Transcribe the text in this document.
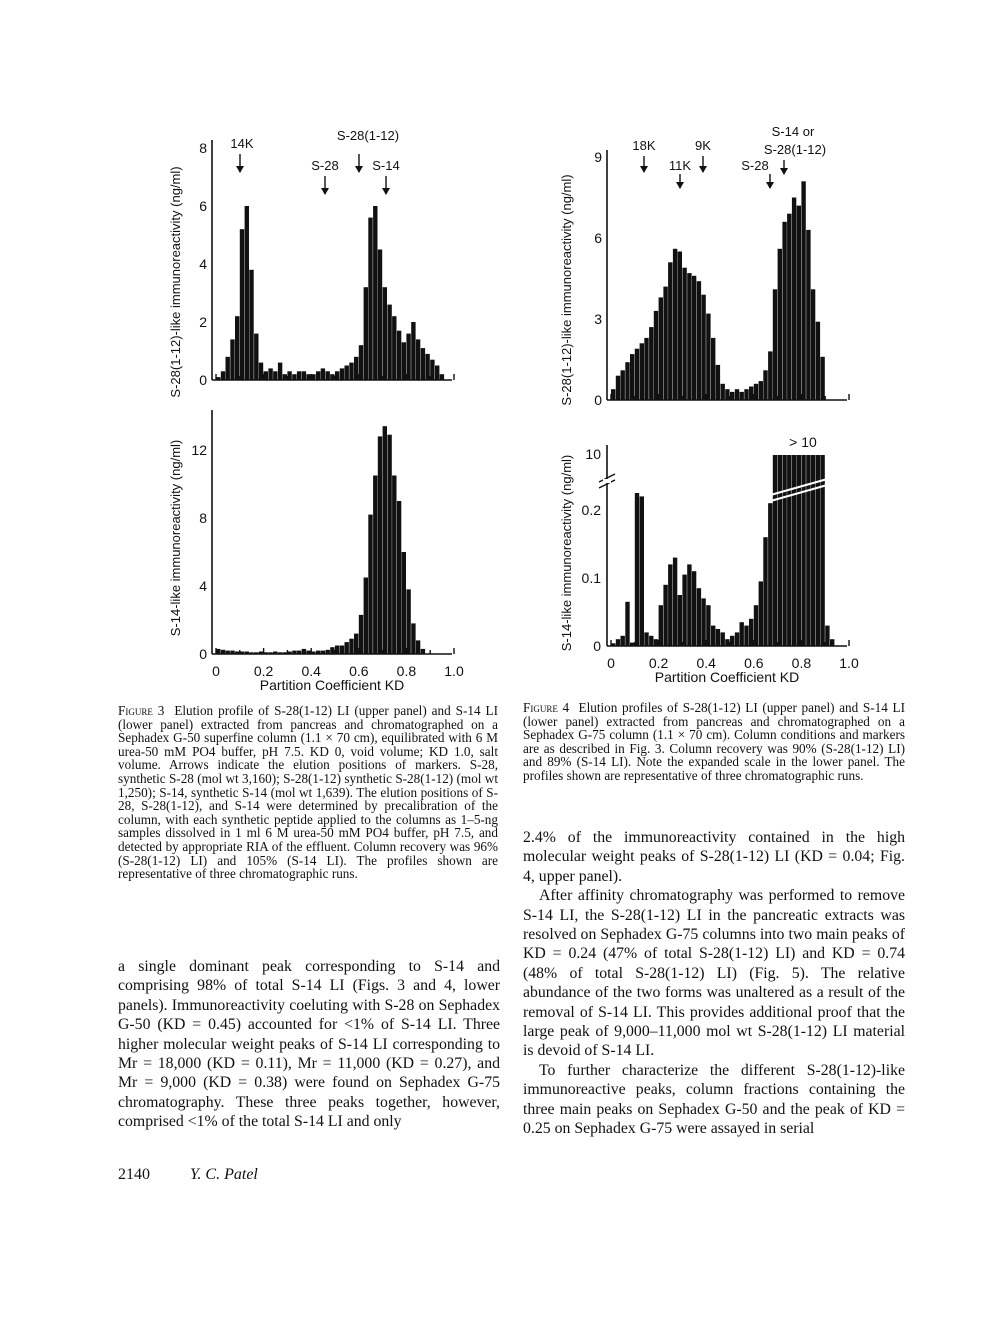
S-28(1-12)-like immunoreactivity (ng/ml)
S-14-like immunoreactivity (ng/ml)
0
2
4
6
8 14K
S-28(1-12)
S-28	S-14
0
4
8
12
0 0.2 0.4 0.6 0.8 1.0
Partition Coefficient KD
S-28(1-12)-like immunoreactivity (ng/ml)
S-14-like immunoreactivity (ng/ml)
0
3
6
9
18K	9K
11K
S-14 or
S-28(1-12)
S-28
0
0.1
0.2
10
> 10
0 0.2 0.4 0.6 0.8 1.0
Partition Coefficient KD

Figure 3 Elution profile of S-28(1-12) LI (upper panel) and S-14 LI (lower panel) extracted from pancreas and chromatographed on a Sephadex G-50 superfine column (1.1 × 70 cm), equilibrated with 6 M urea-50 mM PO4 buffer, pH 7.5. KD 0, void volume; KD 1.0, salt volume. Arrows indicate the elution positions of markers. S-28, synthetic S-28 (mol wt 3,160); S-28(1-12) synthetic S-28(1-12) (mol wt 1,250); S-14, synthetic S-14 (mol wt 1,639). The elution positions of S-28, S-28(1-12), and S-14 were determined by precalibration of the column, with each synthetic peptide applied to the columns as 1–5-ng samples dissolved in 1 ml 6 M urea-50 mM PO4 buffer, pH 7.5, and detected by appropriate RIA of the effluent. Column recovery was 96% (S-28(1-12) LI) and 105% (S-14 LI). The profiles shown are representative of three chromatographic runs.

Figure 4 Elution profiles of S-28(1-12) LI (upper panel) and S-14 LI (lower panel) extracted from pancreas and chromatographed on a Sephadex G-75 column (1.1 × 70 cm). Column conditions and markers are as described in Fig. 3. Column recovery was 90% (S-28(1-12) LI) and 89% (S-14 LI). Note the expanded scale in the lower panel. The profiles shown are representative of three chromatographic runs.

a single dominant peak corresponding to S-14 and comprising 98% of total S-14 LI (Figs. 3 and 4, lower panels). Immunoreactivity coeluting with S-28 on Sephadex G-50 (KD = 0.45) accounted for <1% of S-14 LI. Three higher molecular weight peaks of S-14 LI corresponding to Mr = 18,000 (KD = 0.11), Mr = 11,000 (KD = 0.27), and Mr = 9,000 (KD = 0.38) were found on Sephadex G-75 chromatography. These three peaks together, however, comprised <1% of the total S-14 LI and only

2.4% of the immunoreactivity contained in the high molecular weight peaks of S-28(1-12) LI (KD = 0.04; Fig. 4, upper panel).

After affinity chromatography was performed to remove S-14 LI, the S-28(1-12) LI in the pancreatic extracts was resolved on Sephadex G-75 columns into two main peaks of KD = 0.24 (47% of total S-28(1-12) LI) and KD = 0.74 (48% of total S-28(1-12) LI) (Fig. 5). The relative abundance of the two forms was unaltered as a result of the removal of S-14 LI. This provides additional proof that the large peak of 9,000–11,000 mol wt S-28(1-12) LI material is devoid of S-14 LI.

To further characterize the different S-28(1-12)-like immunoreactive peaks, column fractions containing the three main peaks on Sephadex G-50 and the peak of KD = 0.25 on Sephadex G-75 were assayed in serial

2140	Y. C. Patel
